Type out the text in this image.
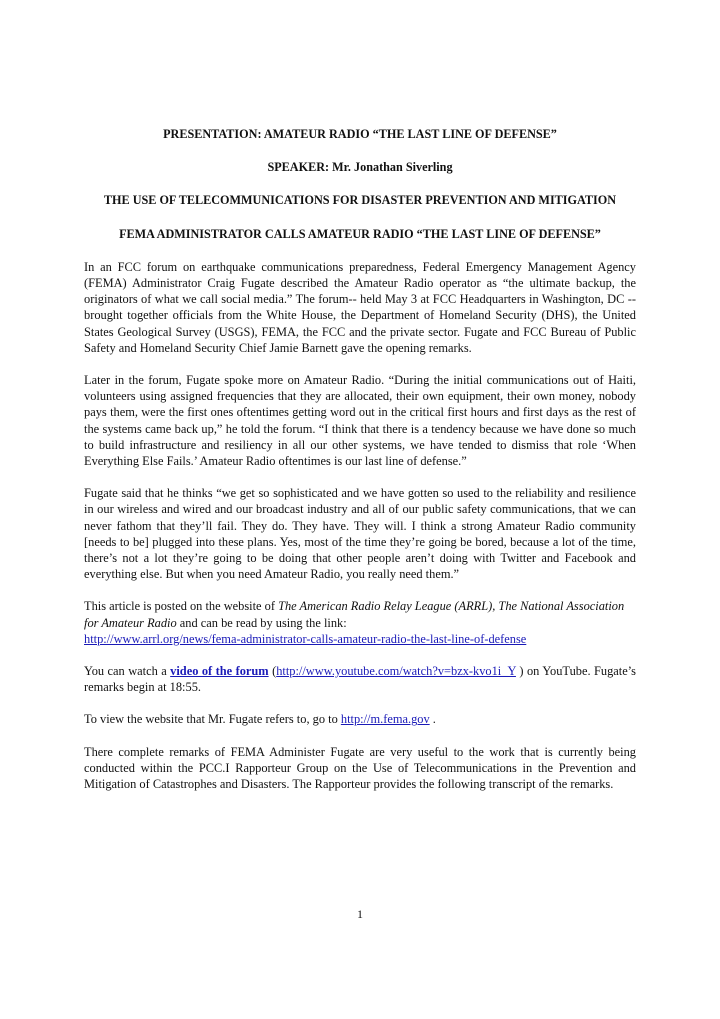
PRESENTATION: AMATEUR RADIO “THE LAST LINE OF DEFENSE”
SPEAKER: Mr. Jonathan Siverling
THE USE OF TELECOMMUNICATIONS FOR DISASTER PREVENTION AND MITIGATION
FEMA ADMINISTRATOR CALLS AMATEUR RADIO “THE LAST LINE OF DEFENSE”

In an FCC forum on earthquake communications preparedness, Federal Emergency Management Agency (FEMA) Administrator Craig Fugate described the Amateur Radio operator as “the ultimate backup, the originators of what we call social media.” The forum-- held May 3 at FCC Headquarters in Washington, DC -- brought together officials from the White House, the Department of Homeland Security (DHS), the United States Geological Survey (USGS), FEMA, the FCC and the private sector. Fugate and FCC Bureau of Public Safety and Homeland Security Chief Jamie Barnett gave the opening remarks.

Later in the forum, Fugate spoke more on Amateur Radio. “During the initial communications out of Haiti, volunteers using assigned frequencies that they are allocated, their own equipment, their own money, nobody pays them, were the first ones oftentimes getting word out in the critical first hours and first days as the rest of the systems came back up,” he told the forum. “I think that there is a tendency because we have done so much to build infrastructure and resiliency in all our other systems, we have tended to dismiss that role ‘When Everything Else Fails.’ Amateur Radio oftentimes is our last line of defense.”

Fugate said that he thinks “we get so sophisticated and we have gotten so used to the reliability and resilience in our wireless and wired and our broadcast industry and all of our public safety communications, that we can never fathom that they’ll fail. They do. They have. They will. I think a strong Amateur Radio community [needs to be] plugged into these plans. Yes, most of the time they’re going be bored, because a lot of the time, there’s not a lot they’re going to be doing that other people aren’t doing with Twitter and Facebook and everything else. But when you need Amateur Radio, you really need them.”

This article is posted on the website of The American Radio Relay League (ARRL), The National Association for Amateur Radio and can be read by using the link:
http://www.arrl.org/news/fema-administrator-calls-amateur-radio-the-last-line-of-defense

You can watch a video of the forum (http://www.youtube.com/watch?v=bzx-kvo1i_Y ) on YouTube. Fugate’s remarks begin at 18:55.

To view the website that Mr. Fugate refers to, go to http://m.fema.gov .

There complete remarks of FEMA Administer Fugate are very useful to the work that is currently being conducted within the PCC.I Rapporteur Group on the Use of Telecommunications in the Prevention and Mitigation of Catastrophes and Disasters. The Rapporteur provides the following transcript of the remarks.

1
